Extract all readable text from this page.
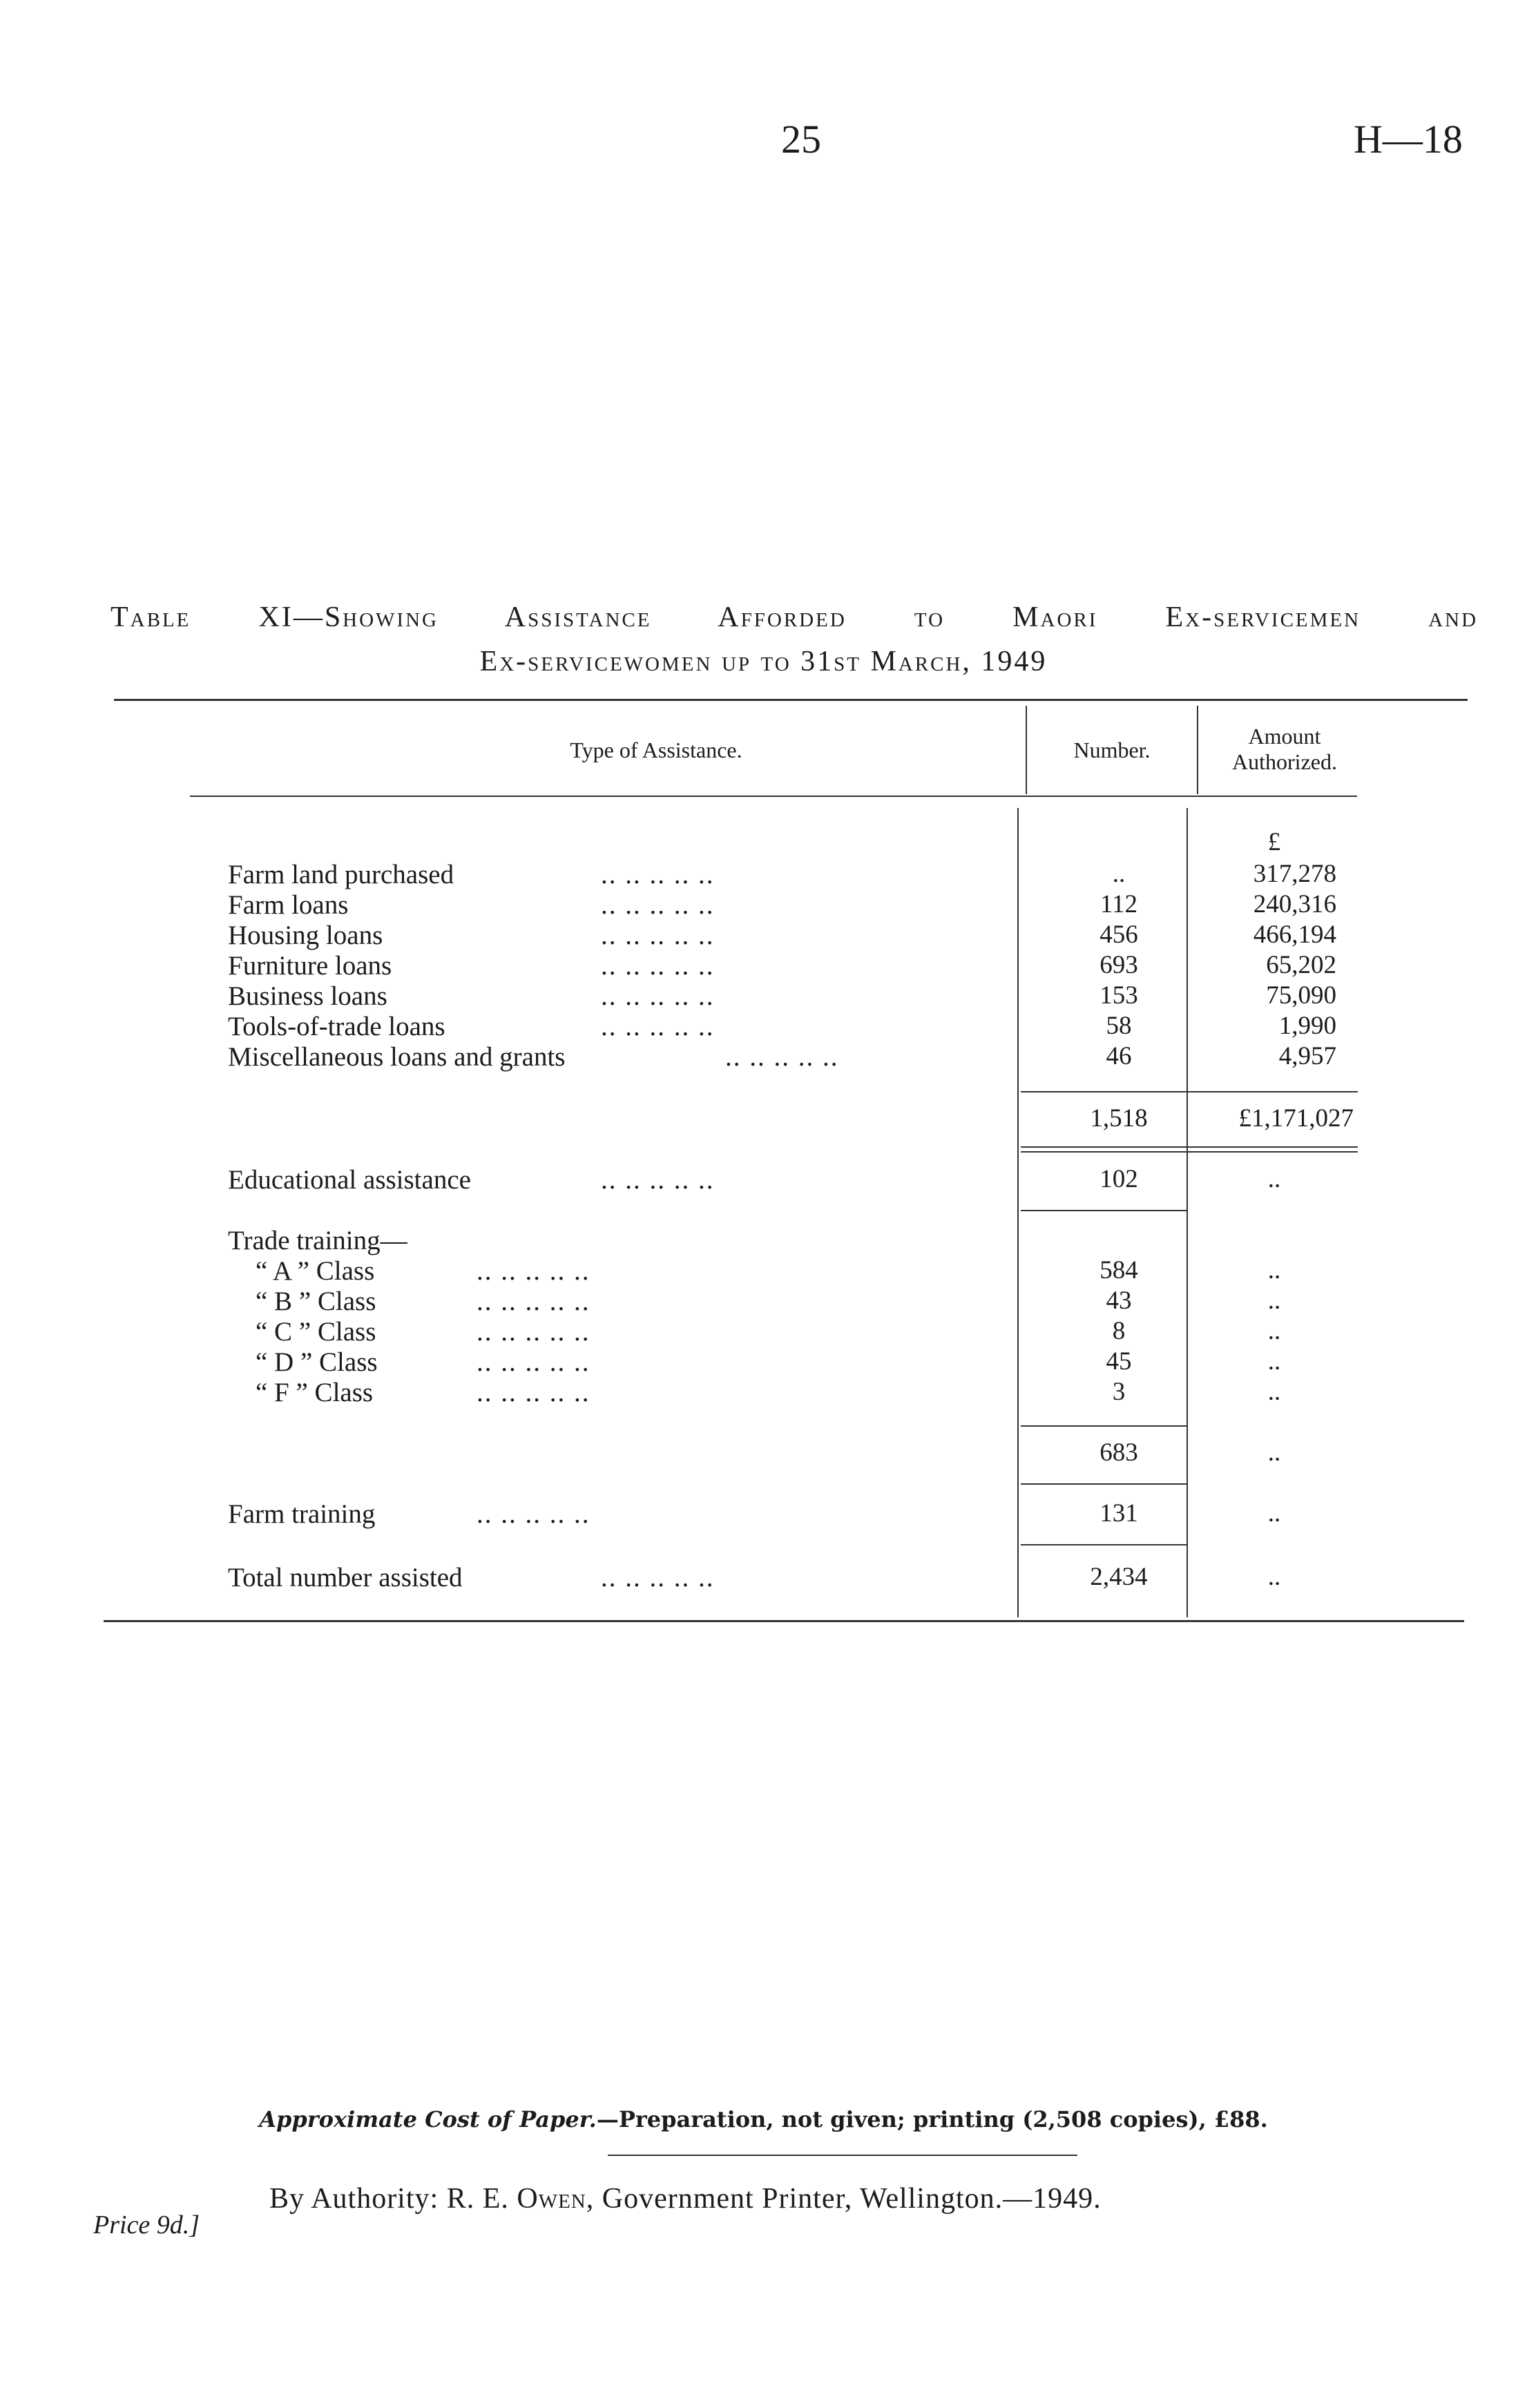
25	H—18
Table XI—Showing Assistance Afforded to Maori Ex-servicemen and
Ex-servicewomen up to 31st March, 1949
Type of Assistance.	Number.
Amount
Authorized.
£
Farm land purchased	.. .. .. .. ..	..	317,278
Farm loans	.. .. .. .. ..	112	240,316
Housing loans	.. .. .. .. ..	456	466,194
Furniture loans	.. .. .. .. ..	693	65,202
Business loans	.. .. .. .. ..	153	75,090
Tools-of-trade loans	.. .. .. .. ..	58	1,990
Miscellaneous loans and grants	.. .. .. .. ..	46	4,957
1,518	£1,171,027
Educational assistance	.. .. .. .. ..	102	..
Trade training—
“ A ” Class	.. .. .. .. ..	584	..
“ B ” Class	.. .. .. .. ..	43	..
“ C ” Class	.. .. .. .. ..	8	..
“ D ” Class	.. .. .. .. ..	45	..
“ F ” Class	.. .. .. .. ..	3	..
683	..
Farm training	.. .. .. .. ..	131	..
Total number assisted	.. .. .. .. ..	2,434	..
Approximate Cost of Paper.—Preparation, not given; printing (2,508 copies), £88.
By Authority: R. E. Owen, Government Printer, Wellington.—1949.
Price 9d.]
